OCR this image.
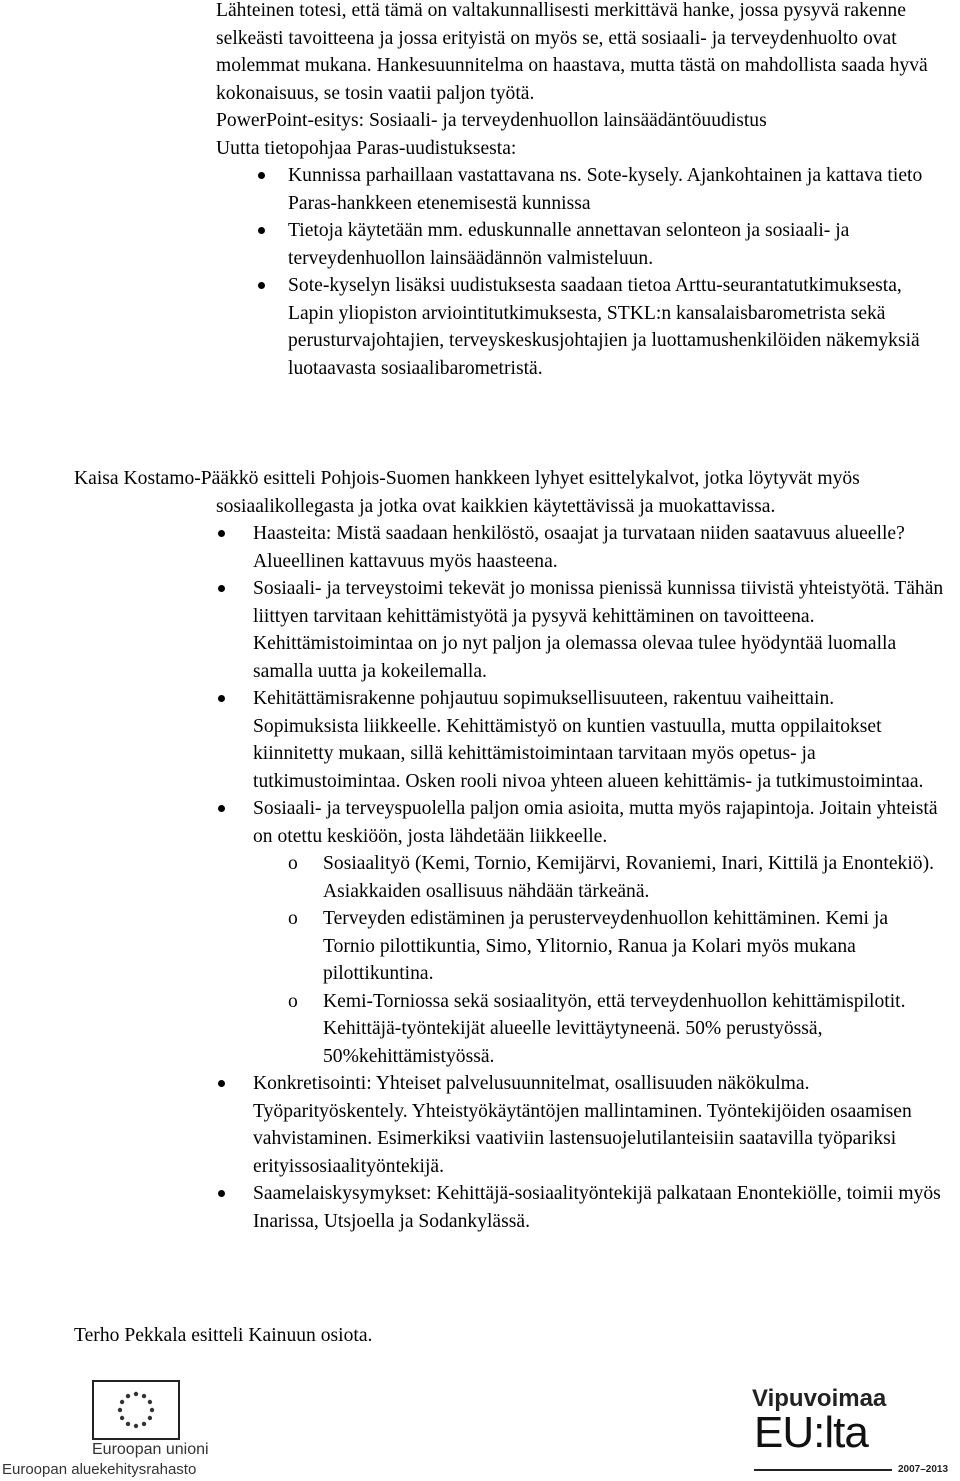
Lähteinen totesi, että tämä on valtakunnallisesti merkittävä hanke, jossa pysyvä rakenne selkeästi tavoitteena ja jossa erityistä on myös se, että sosiaali- ja terveydenhuolto ovat molemmat mukana. Hankesuunnitelma on haastava, mutta tästä on mahdollista saada hyvä kokonaisuus, se tosin vaatii paljon työtä.

PowerPoint-esitys: Sosiaali- ja terveydenhuollon lainsäädäntöuudistus

Uutta tietopohjaa Paras-uudistuksesta:

Kunnissa parhaillaan vastattavana ns. Sote-kysely. Ajankohtainen ja kattava tieto Paras-hankkeen etenemisestä kunnissa
Tietoja käytetään mm. eduskunnalle annettavan selonteon ja sosiaali- ja terveydenhuollon lainsäädännön valmisteluun.
Sote-kyselyn lisäksi uudistuksesta saadaan tietoa Arttu-seurantatutkimuksesta, Lapin yliopiston arviointitutkimuksesta, STKL:n kansalaisbarometrista sekä perusturvajohtajien, terveyskeskusjohtajien ja luottamushenkilöiden näkemyksiä luotaavasta sosiaalibarometristä.

Kaisa Kostamo-Pääkkö esitteli Pohjois-Suomen hankkeen lyhyet esittelykalvot, jotka löytyvät myös sosiaalikollegasta ja jotka ovat kaikkien käytettävissä ja muokattavissa.

Haasteita: Mistä saadaan henkilöstö, osaajat ja turvataan niiden saatavuus alueelle? Alueellinen kattavuus myös haasteena.
Sosiaali- ja terveystoimi tekevät jo monissa pienissä kunnissa tiivistä yhteistyötä. Tähän liittyen tarvitaan kehittämistyötä ja pysyvä kehittäminen on tavoitteena. Kehittämistoimintaa on jo nyt paljon ja olemassa olevaa tulee hyödyntää luomalla samalla uutta ja kokeilemalla.
Kehitättämisrakenne pohjautuu sopimuksellisuuteen, rakentuu vaiheittain. Sopimuksista liikkeelle. Kehittämistyö on kuntien vastuulla, mutta oppilaitokset kiinnitetty mukaan, sillä kehittämistoimintaan tarvitaan myös opetus- ja tutkimustoimintaa. Osken rooli nivoa yhteen alueen kehittämis- ja tutkimustoimintaa.
Sosiaali- ja terveyspuolella paljon omia asioita, mutta myös rajapintoja. Joitain yhteistä on otettu keskiöön, josta lähdetään liikkeelle.
o Sosiaalityö (Kemi, Tornio, Kemijärvi, Rovaniemi, Inari, Kittilä ja Enontekiö). Asiakkaiden osallisuus nähdään tärkeänä.
o Terveyden edistäminen ja perusterveydenhuollon kehittäminen. Kemi ja Tornio pilottikuntia, Simo, Ylitornio, Ranua ja Kolari myös mukana pilottikuntina.
o Kemi-Torniossa sekä sosiaalityön, että terveydenhuollon kehittämispilotit. Kehittäjä-työntekijät alueelle levittäytyneenä. 50% perustyössä, 50%kehittämistyössä.
Konkretisointi: Yhteiset palvelusuunnitelmat, osallisuuden näkökulma. Työparityöskentely. Yhteistyökäytäntöjen mallintaminen. Työntekijöiden osaamisen vahvistaminen. Esimerkiksi vaativiin lastensuojelutilanteisiin saatavilla työpariksi erityissosiaalityöntekijä.
Saamelaiskysymykset: Kehittäjä-sosiaalityöntekijä palkataan Enontekiölle, toimii myös Inarissa, Utsjoella ja Sodankylässä.

Terho Pekkala esitteli Kainuun osiota.

Euroopan unioni
Euroopan aluekehitysrahasto
Vipuvoimaa
EU:lta
2007–2013
